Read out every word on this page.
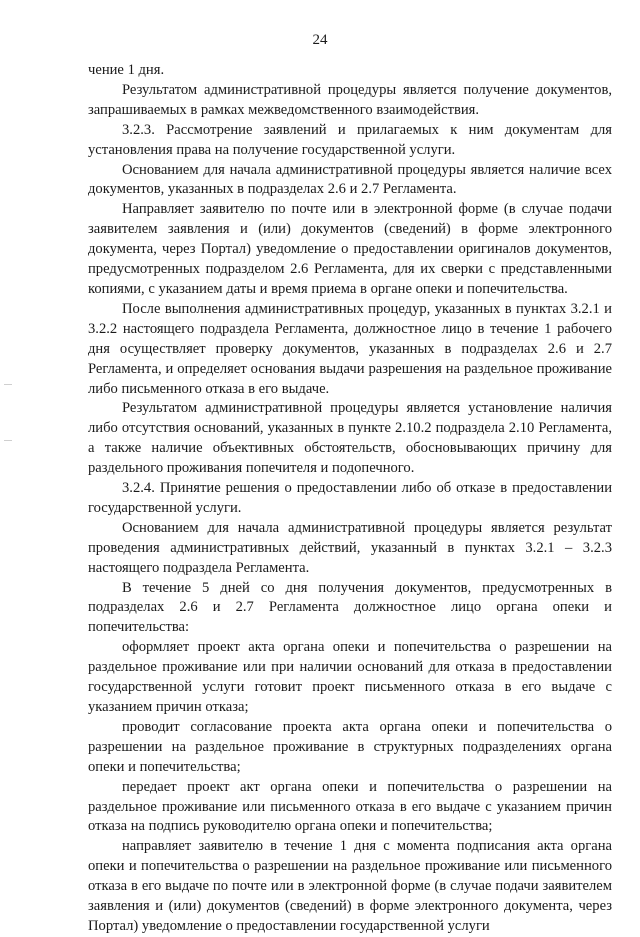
24

чение 1 дня.

Результатом административной процедуры является получение документов, запрашиваемых в рамках межведомственного взаимодействия.

3.2.3. Рассмотрение заявлений и прилагаемых к ним документам для установления права на получение государственной услуги.

Основанием для начала административной процедуры является наличие всех документов, указанных в подразделах 2.6 и 2.7 Регламента.

Направляет заявителю по почте или в электронной форме (в случае подачи заявителем заявления и (или) документов (сведений) в форме электронного документа, через Портал) уведомление о предоставлении оригиналов документов, предусмотренных подразделом 2.6 Регламента, для их сверки с представленными копиями, с указанием даты и время приема в органе опеки и попечительства.

После выполнения административных процедур, указанных в пунктах 3.2.1 и 3.2.2 настоящего подраздела Регламента, должностное лицо в течение 1 рабочего дня осуществляет проверку документов, указанных в подразделах 2.6 и 2.7 Регламента, и определяет основания выдачи разрешения на раздельное проживание либо письменного отказа в его выдаче.

Результатом административной процедуры является установление наличия либо отсутствия оснований, указанных в пункте 2.10.2 подраздела 2.10 Регламента, а также наличие объективных обстоятельств, обосновывающих причину для раздельного проживания попечителя и подопечного.

3.2.4. Принятие решения о предоставлении либо об отказе в предоставлении государственной услуги.

Основанием для начала административной процедуры является результат проведения административных действий, указанный в пунктах 3.2.1 – 3.2.3 настоящего подраздела Регламента.

В течение 5 дней со дня получения документов, предусмотренных в подразделах 2.6 и 2.7 Регламента должностное лицо органа опеки и попечительства:

оформляет проект акта органа опеки и попечительства о разрешении на раздельное проживание или при наличии оснований для отказа в предоставлении государственной услуги готовит проект письменного отказа в его выдаче с указанием причин отказа;

проводит согласование проекта акта органа опеки и попечительства о разрешении на раздельное проживание в структурных подразделениях органа опеки и попечительства;

передает проект акт органа опеки и попечительства о разрешении на раздельное проживание или письменного отказа в его выдаче с указанием причин отказа на подпись руководителю органа опеки и попечительства;

направляет заявителю в течение 1 дня с момента подписания акта органа опеки и попечительства о разрешении на раздельное проживание или письменного отказа в его выдаче по почте или в электронной форме (в случае подачи заявителем заявления и (или) документов (сведений) в форме электронного документа, через Портал) уведомление о предоставлении государственной услуги
